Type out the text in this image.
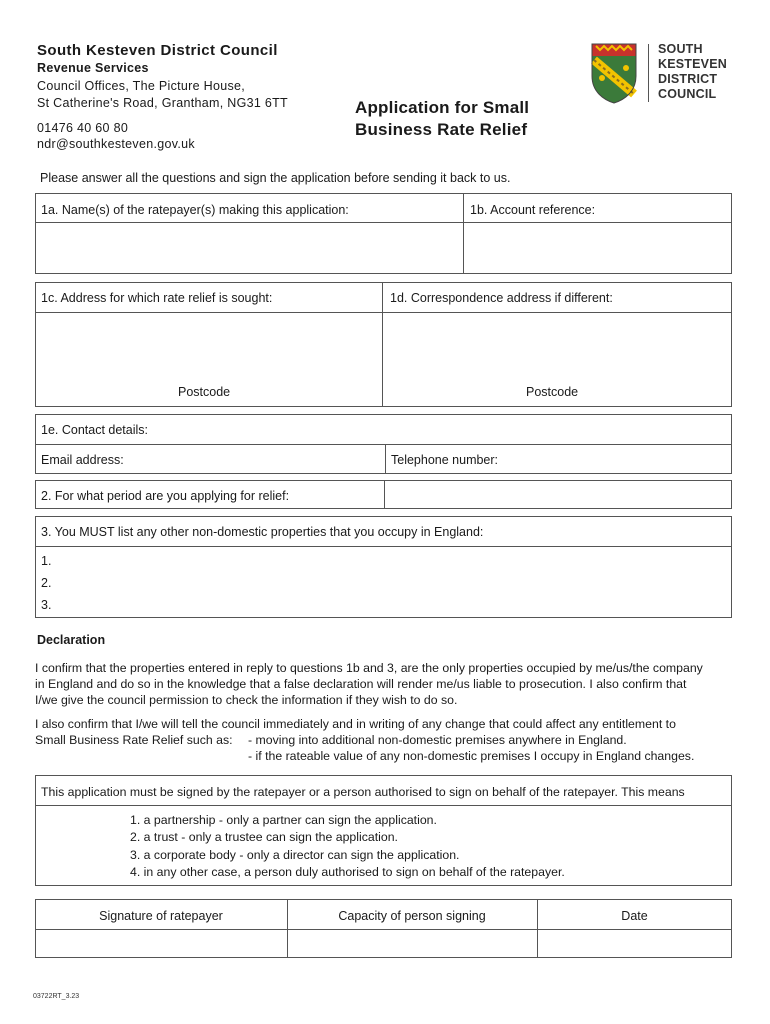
South Kesteven District Council
Revenue Services
Council Offices, The Picture House,
St Catherine's Road, Grantham, NG31 6TT
01476 40 60 80
ndr@southkesteven.gov.uk
Application for Small
Business Rate Relief
SOUTH
KESTEVEN
DISTRICT
COUNCIL
Please answer all the questions and sign the application before sending it back to us.
1a. Name(s) of the ratepayer(s) making this application:	1b. Account reference:
1c. Address for which rate relief is sought:	1d. Correspondence address if different:
Postcode	Postcode
1e. Contact details:
Email address:	Telephone number:
2. For what period are you applying for relief:
3. You MUST list any other non-domestic properties that you occupy in England:
1.
2.
3.
Declaration
I confirm that the properties entered in reply to questions 1b and 3, are the only properties occupied by me/us/the company
in England and do so in the knowledge that a false declaration will render me/us liable to prosecution. I also confirm that
I/we give the council permission to check the information if they wish to do so.
I also confirm that I/we will tell the council immediately and in writing of any change that could affect any entitlement to
Small Business Rate Relief such as: - moving into additional non-domestic premises anywhere in England.
- if the rateable value of any non-domestic premises I occupy in England changes.
This application must be signed by the ratepayer or a person authorised to sign on behalf of the ratepayer. This means
1. a partnership - only a partner can sign the application.
2. a trust - only a trustee can sign the application.
3. a corporate body - only a director can sign the application.
4. in any other case, a person duly authorised to sign on behalf of the ratepayer.
Signature of ratepayer	Capacity of person signing	Date
03722RT_3.23
